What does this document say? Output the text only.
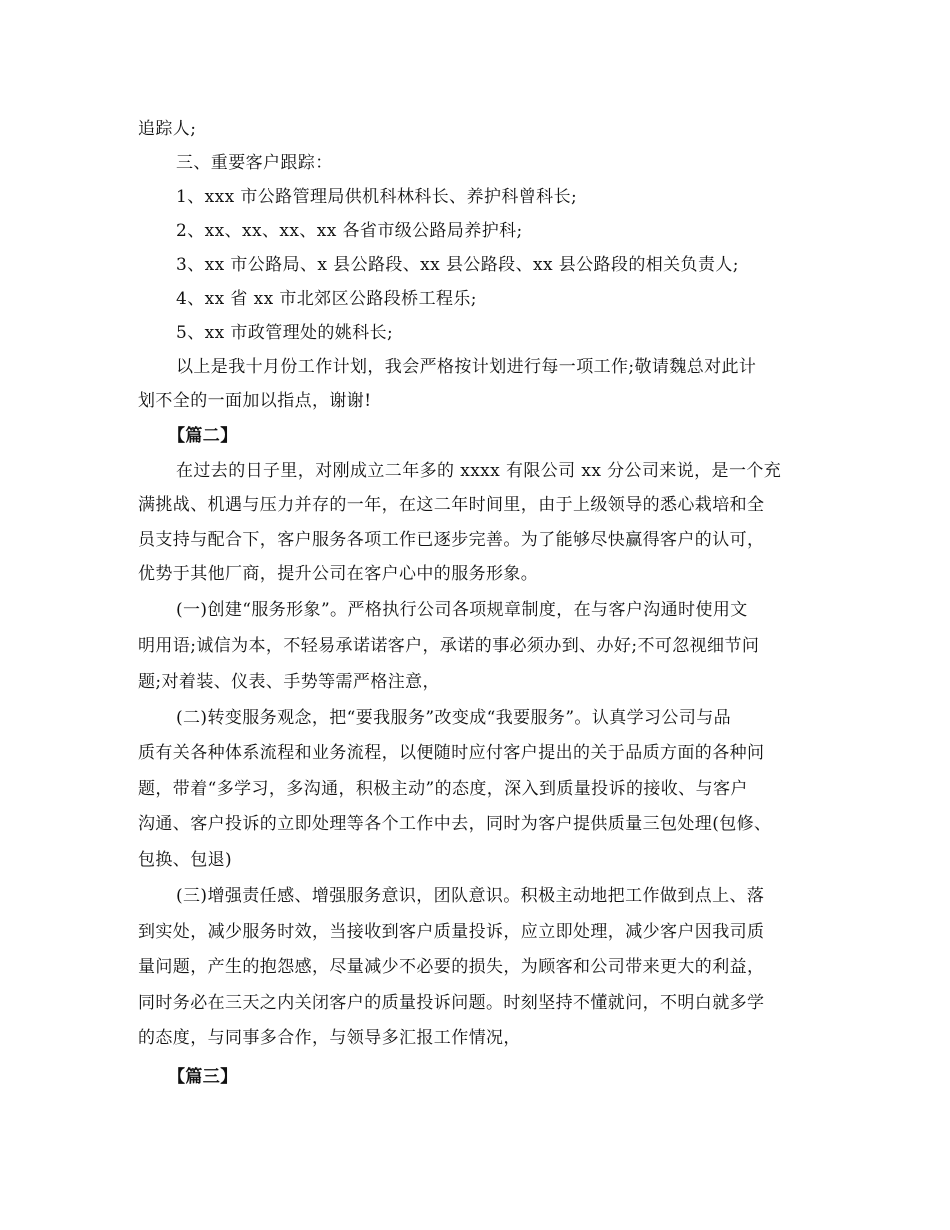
追踪人;
三、重要客户跟踪：
1、xxx 市公路管理局供机科林科长、养护科曾科长;
2、xx、xx、xx、xx 各省市级公路局养护科;
3、xx 市公路局、x 县公路段、xx 县公路段、xx 县公路段的相关负责人;
4、xx 省 xx 市北郊区公路段桥工程乐;
5、xx 市政管理处的姚科长;
以上是我十月份工作计划，我会严格按计划进行每一项工作;敬请魏总对此计
划不全的一面加以指点，谢谢!
【篇二】
在过去的日子里，对刚成立二年多的 xxxx 有限公司 xx 分公司来说，是一个充
满挑战、机遇与压力并存的一年，在这二年时间里，由于上级领导的悉心栽培和全
员支持与配合下，客户服务各项工作已逐步完善。为了能够尽快赢得客户的认可，
优势于其他厂商，提升公司在客户心中的服务形象。
(一)创建“服务形象”。严格执行公司各项规章制度，在与客户沟通时使用文
明用语;诚信为本，不轻易承诺诺客户，承诺的事必须办到、办好;不可忽视细节问
题;对着装、仪表、手势等需严格注意，
(二)转变服务观念，把“要我服务”改变成“我要服务”。认真学习公司与品
质有关各种体系流程和业务流程，以便随时应付客户提出的关于品质方面的各种问
题，带着“多学习，多沟通，积极主动”的态度，深入到质量投诉的接收、与客户
沟通、客户投诉的立即处理等各个工作中去，同时为客户提供质量三包处理(包修、
包换、包退)
(三)增强责任感、增强服务意识，团队意识。积极主动地把工作做到点上、落
到实处，减少服务时效，当接收到客户质量投诉，应立即处理，减少客户因我司质
量问题，产生的抱怨感，尽量减少不必要的损失，为顾客和公司带来更大的利益，
同时务必在三天之内关闭客户的质量投诉问题。时刻坚持不懂就问，不明白就多学
的态度，与同事多合作，与领导多汇报工作情况，
【篇三】
